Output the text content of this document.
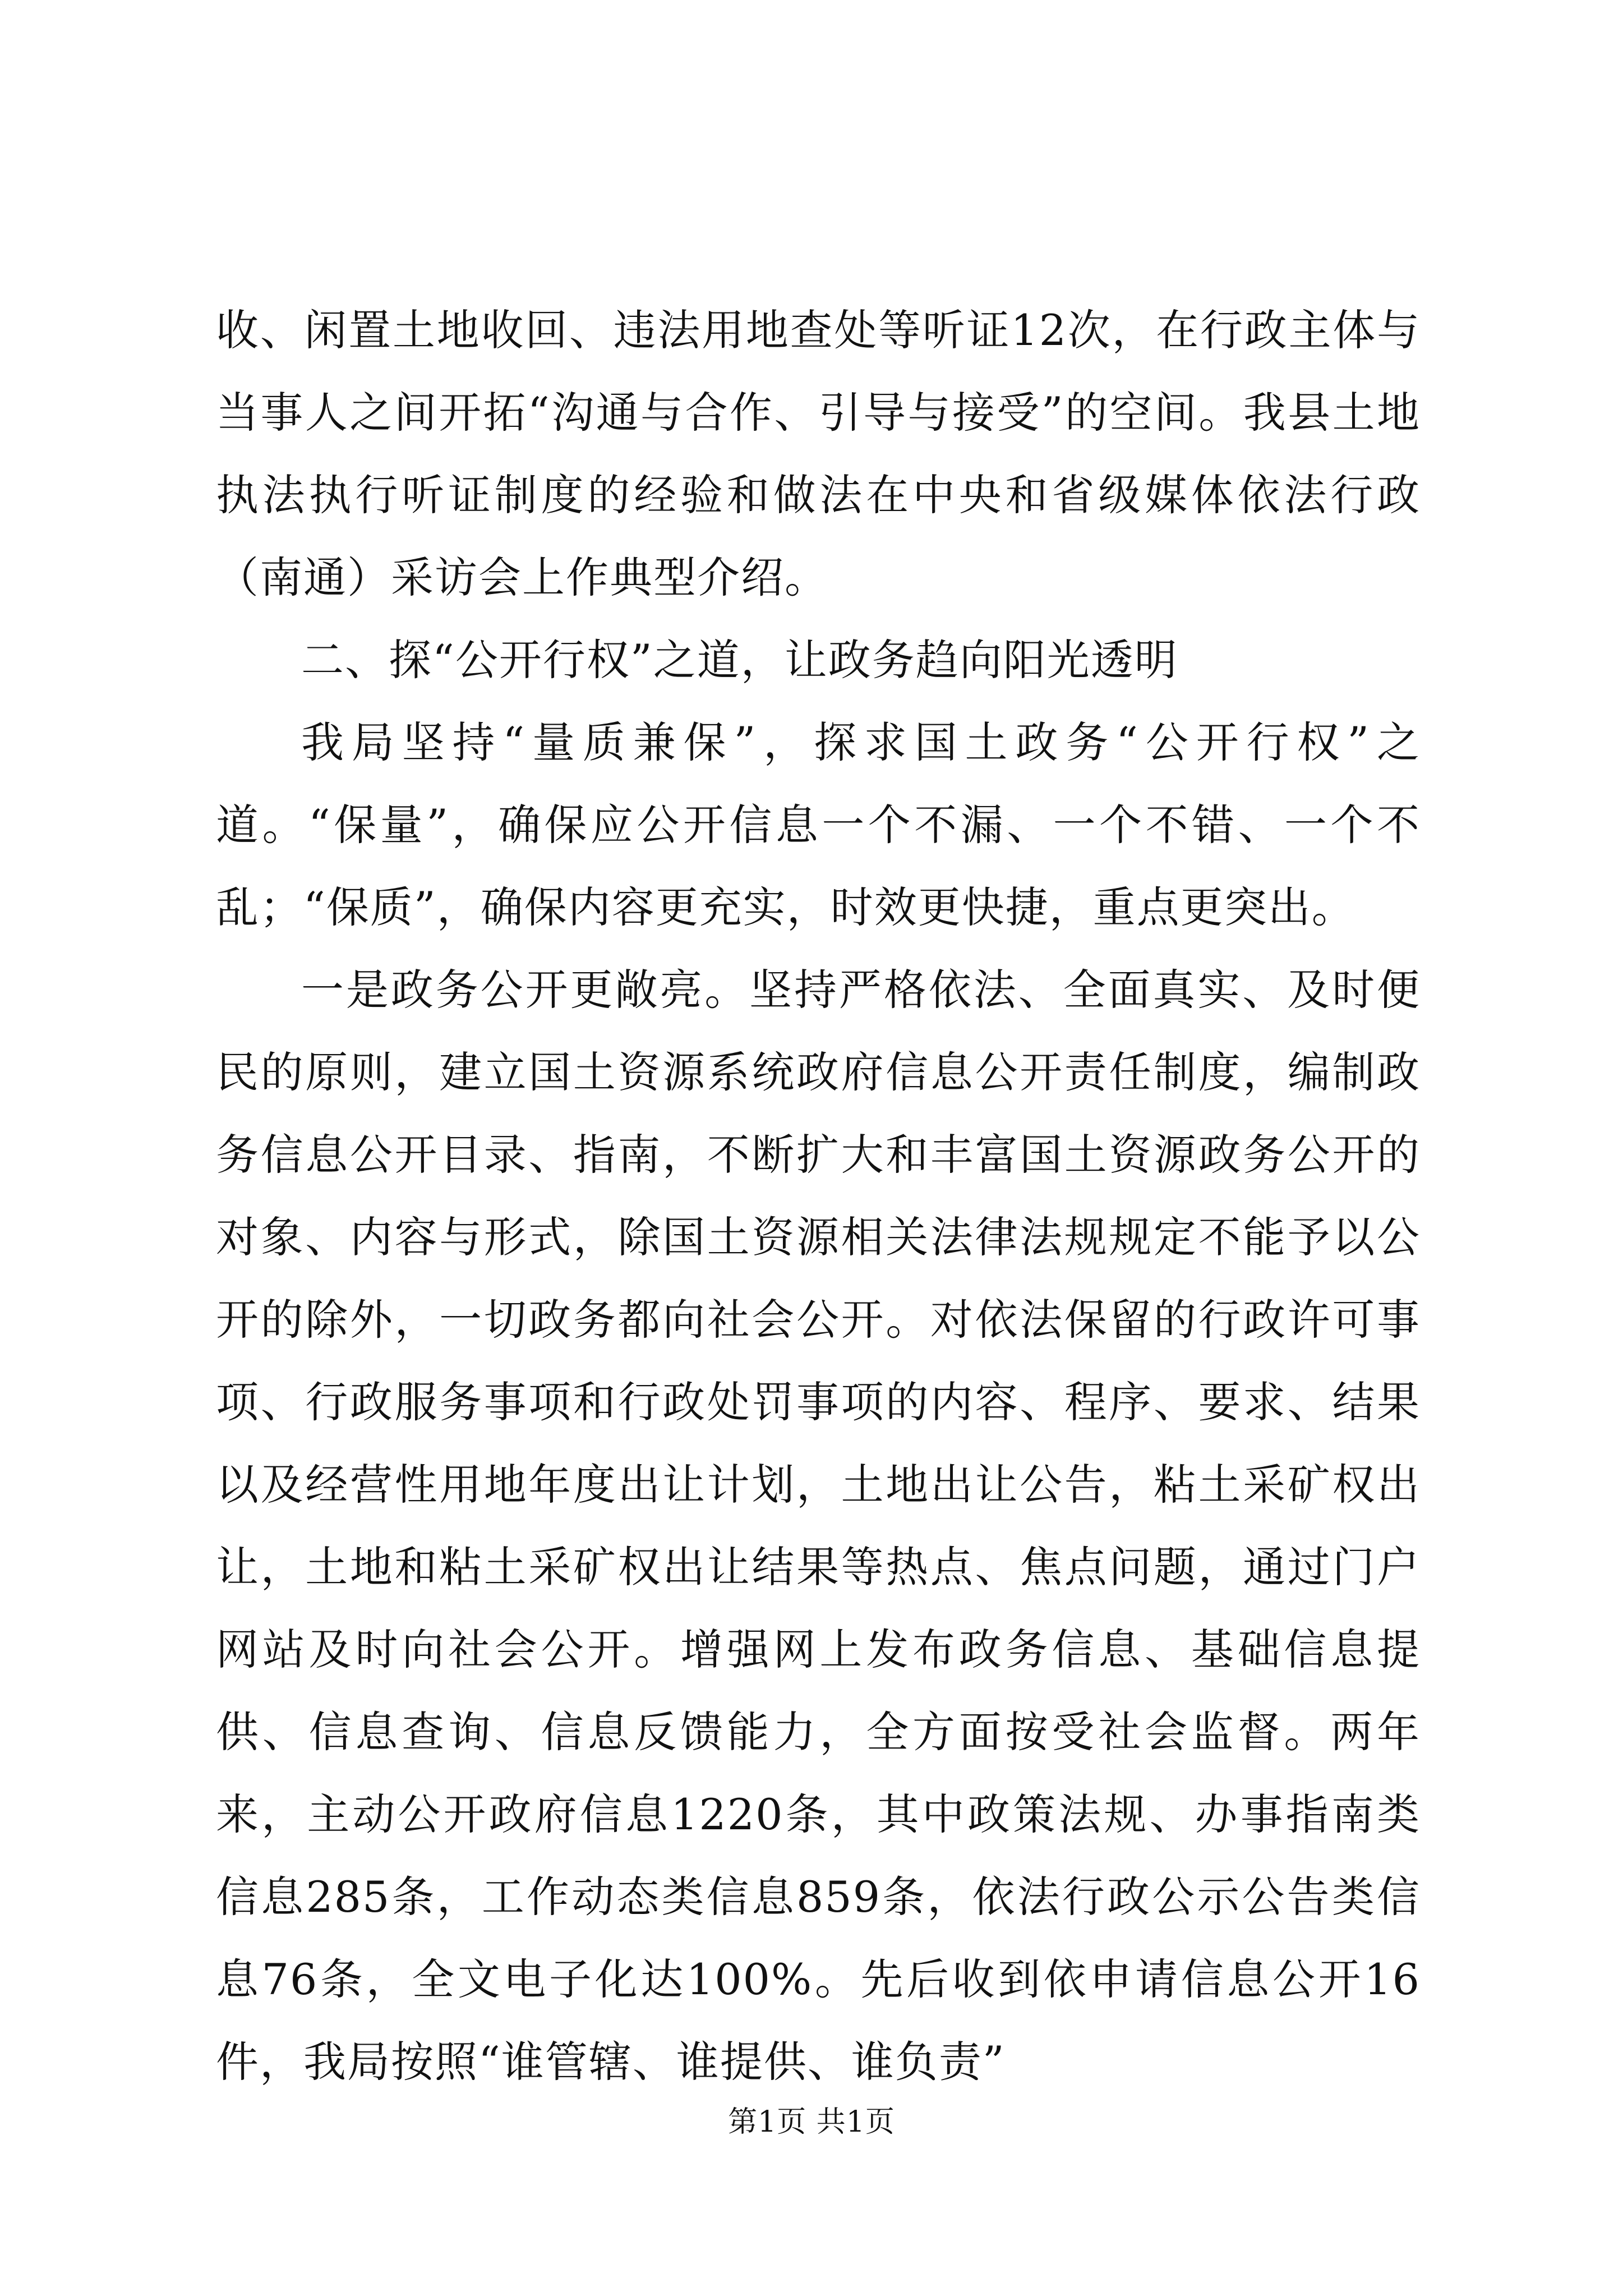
收、闲置土地收回、违法用地查处等听证12次，在行政主体与当事人之间开拓“沟通与合作、引导与接受”的空间。我县土地执法执行听证制度的经验和做法在中央和省级媒体依法行政（南通）采访会上作典型介绍。

二、探“公开行权”之道，让政务趋向阳光透明

我局坚持“量质兼保”，探求国土政务“公开行权”之道。“保量”，确保应公开信息一个不漏、一个不错、一个不乱；“保质”，确保内容更充实，时效更快捷，重点更突出。

一是政务公开更敞亮。坚持严格依法、全面真实、及时便民的原则，建立国土资源系统政府信息公开责任制度，编制政务信息公开目录、指南，不断扩大和丰富国土资源政务公开的对象、内容与形式，除国土资源相关法律法规规定不能予以公开的除外，一切政务都向社会公开。对依法保留的行政许可事项、行政服务事项和行政处罚事项的内容、程序、要求、结果以及经营性用地年度出让计划，土地出让公告，粘土采矿权出让，土地和粘土采矿权出让结果等热点、焦点问题，通过门户网站及时向社会公开。增强网上发布政务信息、基础信息提供、信息查询、信息反馈能力，全方面按受社会监督。两年来，主动公开政府信息1220条，其中政策法规、办事指南类信息285条，工作动态类信息859条，依法行政公示公告类信息76条，全文电子化达100%。先后收到依申请信息公开16件，我局按照“谁管辖、谁提供、谁负责”

第1页 共1页
